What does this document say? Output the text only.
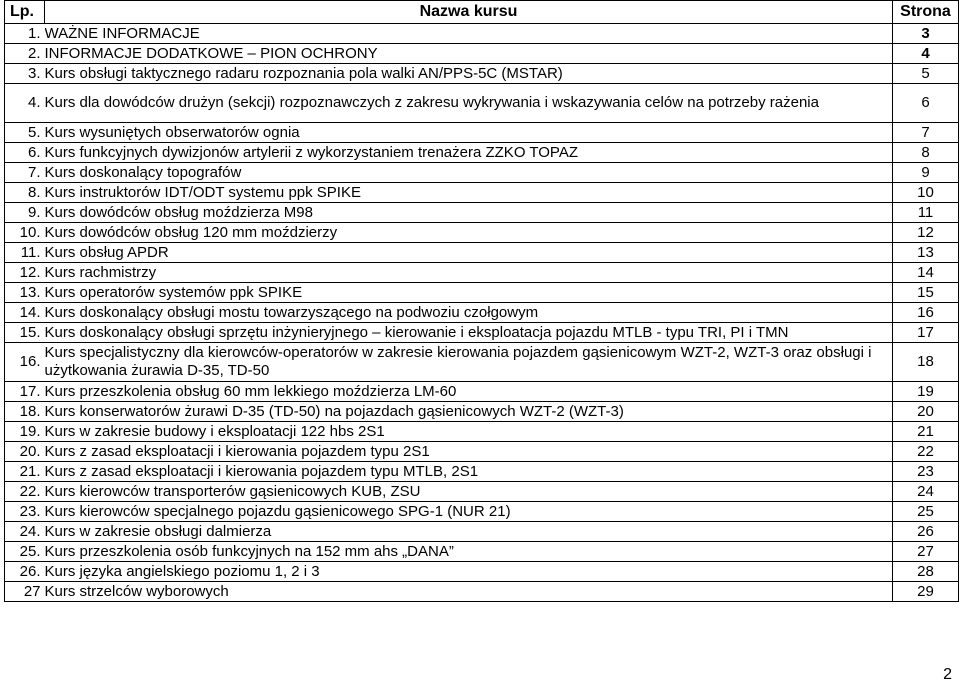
Lp.	Nazwa kursu	Strona
1.	WAŻNE INFORMACJE	3
2.	INFORMACJE DODATKOWE – PION OCHRONY	4
3.	Kurs obsługi taktycznego radaru rozpoznania pola walki AN/PPS-5C (MSTAR)	5
4.	Kurs dla dowódców drużyn (sekcji) rozpoznawczych z zakresu wykrywania i wskazywania celów na potrzeby rażenia	6
5.	Kurs wysuniętych obserwatorów ognia	7
6.	Kurs funkcyjnych dywizjonów artylerii z wykorzystaniem trenażera ZZKO TOPAZ	8
7.	Kurs doskonalący topografów	9
8.	Kurs instruktorów IDT/ODT systemu ppk SPIKE	10
9.	Kurs dowódców obsług moździerza M98	11
10.	Kurs dowódców obsług 120 mm moździerzy	12
11.	Kurs obsług APDR	13
12.	Kurs rachmistrzy	14
13.	Kurs operatorów systemów ppk SPIKE	15
14.	Kurs doskonalący obsługi mostu towarzyszącego na podwoziu czołgowym	16
15.	Kurs doskonalący obsługi sprzętu inżynieryjnego – kierowanie i eksploatacja pojazdu MTLB - typu TRI, PI i TMN	17
16.	Kurs specjalistyczny dla kierowców-operatorów w zakresie kierowania pojazdem gąsienicowym WZT-2, WZT-3 oraz obsługi i użytkowania żurawia D-35, TD-50	18
17.	Kurs przeszkolenia obsług 60 mm lekkiego moździerza LM-60	19
18.	Kurs konserwatorów żurawi D-35 (TD-50) na pojazdach gąsienicowych WZT-2 (WZT-3)	20
19.	Kurs w zakresie budowy i eksploatacji 122 hbs 2S1	21
20.	Kurs z zasad eksploatacji i kierowania pojazdem typu 2S1	22
21.	Kurs z zasad eksploatacji i kierowania pojazdem typu MTLB, 2S1	23
22.	Kurs kierowców transporterów gąsienicowych KUB, ZSU	24
23.	Kurs kierowców specjalnego pojazdu gąsienicowego SPG-1 (NUR 21)	25
24.	Kurs w zakresie obsługi dalmierza	26
25.	Kurs przeszkolenia osób funkcyjnych na 152 mm ahs „DANA”	27
26.	Kurs języka angielskiego poziomu 1, 2 i 3	28
27	Kurs strzelców wyborowych	29
2
